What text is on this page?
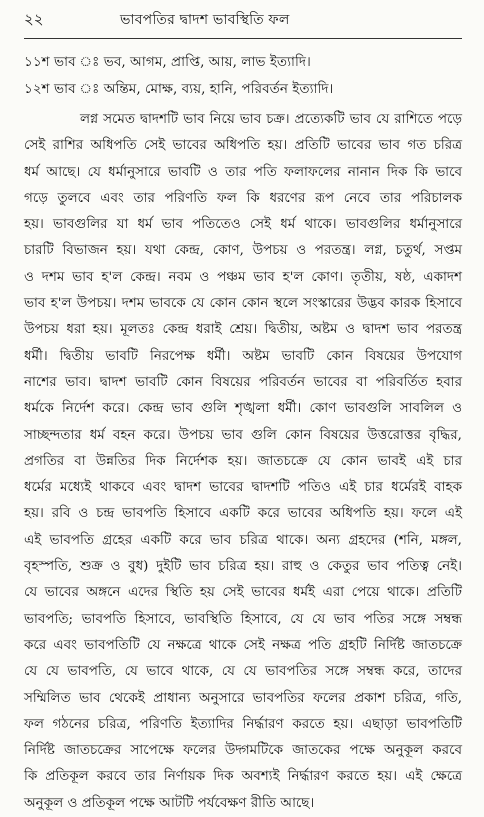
২২	ভাবপতির দ্বাদশ ভাবস্থিতি ফল
১১শ ভাব ঃ ভব, আগম, প্রাপ্তি, আয়, লাভ ইত্যাদি।
১২শ ভাব ঃ অন্তিম, মোক্ষ, ব্যয়, হানি, পরিবর্তন ইত্যাদি।
লগ্ন সমেত দ্বাদশটি ভাব নিয়ে ভাব চক্র। প্রত্যেকটি ভাব যে রাশিতে পড়ে
সেই রাশির অধিপতি সেই ভাবের অধিপতি হয়। প্রতিটি ভাবের ভাব গত চরিত্র
ধর্ম আছে। যে ধর্মানুসারে ভাবটি ও তার পতি ফলাফলের নানান দিক কি ভাবে
গড়ে তুলবে এবং তার পরিণতি ফল কি ধরণের রূপ নেবে তার পরিচালক
হয়। ভাবগুলির যা ধর্ম ভাব পতিতেও সেই ধর্ম থাকে। ভাবগুলির ধর্মানুসারে
চারটি বিভাজন হয়। যথা কেন্দ্র, কোণ, উপচয় ও পরতন্ত্র। লগ্ন, চতুর্থ, সপ্তম
ও দশম ভাব হ'ল কেন্দ্র। নবম ও পঞ্চম ভাব হ'ল কোণ। তৃতীয়, ষষ্ঠ, একাদশ
ভাব হ'ল উপচয়। দশম ভাবকে যে কোন কোন স্থলে সংস্কারের উদ্ভব কারক হিসাবে
উপচয় ধরা হয়। মূলতঃ কেন্দ্র ধরাই শ্রেয়। দ্বিতীয়, অষ্টম ও দ্বাদশ ভাব পরতন্ত্র
ধর্মী। দ্বিতীয় ভাবটি নিরপেক্ষ ধর্মী। অষ্টম ভাবটি কোন বিষয়ের উপযোগ
নাশের ভাব। দ্বাদশ ভাবটি কোন বিষয়ের পরিবর্তন ভাবের বা পরিবর্তিত হবার
ধর্মকে নির্দেশ করে। কেন্দ্র ভাব গুলি শৃঙ্খলা ধর্মী। কোণ ভাবগুলি সাবলিল ও
সাচ্ছন্দতার ধর্ম বহন করে। উপচয় ভাব গুলি কোন বিষয়ের উত্তরোত্তর বৃদ্ধির,
প্রগতির বা উন্নতির দিক নির্দেশক হয়। জাতচক্রে যে কোন ভাবই এই চার
ধর্মের মধ্যেই থাকবে এবং দ্বাদশ ভাবের দ্বাদশটি পতিও এই চার ধর্মেরই বাহক
হয়। রবি ও চন্দ্র ভাবপতি হিসাবে একটি করে ভাবের অধিপতি হয়। ফলে এই
এই ভাবপতি গ্রহের একটি করে ভাব চরিত্র থাকে। অন্য গ্রহদের (শনি, মঙ্গল,
বৃহস্পতি, শুক্র ও বুধ) দুইটি ভাব চরিত্র হয়। রাহু ও কেতুর ভাব পতিত্ব নেই।
যে ভাবের অঙ্গনে এদের স্থিতি হয় সেই ভাবের ধর্মই এরা পেয়ে থাকে। প্রতিটি
ভাবপতি; ভাবপতি হিসাবে, ভাবস্থিতি হিসাবে, যে যে ভাব পতির সঙ্গে সম্বন্ধ
করে এবং ভাবপতিটি যে নক্ষত্রে থাকে সেই নক্ষত্র পতি গ্রহটি নির্দিষ্ট জাতচক্রে
যে যে ভাবপতি, যে ভাবে থাকে, যে যে ভাবপতির সঙ্গে সম্বন্ধ করে, তাদের
সম্মিলিত ভাব থেকেই প্রাধান্য অনুসারে ভাবপতির ফলের প্রকাশ চরিত্র, গতি,
ফল গঠনের চরিত্র, পরিণতি ইত্যাদির নির্দ্ধারণ করতে হয়। এছাড়া ভাবপতিটি
নির্দিষ্ট জাতচক্রের সাপেক্ষে ফলের উদ্গমটিকে জাতকের পক্ষে অনুকূল করবে
কি প্রতিকূল করবে তার নির্ণায়ক দিক অবশ্যই নির্দ্ধারণ করতে হয়। এই ক্ষেত্রে
অনুকূল ও প্রতিকূল পক্ষে আটটি পর্যবেক্ষণ রীতি আছে।
